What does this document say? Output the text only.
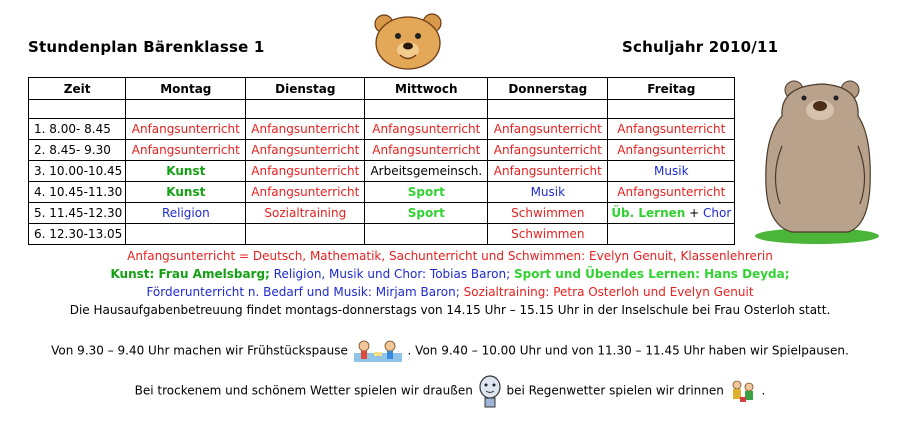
Stundenplan Bärenklasse 1	Schuljahr 2010/11
Zeit	Montag	Dienstag	Mittwoch	Donnerstag	Freitag

1. 8.00- 8.45	Anfangsunterricht	Anfangsunterricht	Anfangsunterricht	Anfangsunterricht	Anfangsunterricht
2. 8.45- 9.30	Anfangsunterricht	Anfangsunterricht	Anfangsunterricht	Anfangsunterricht	Anfangsunterricht
3. 10.00-10.45	Kunst	Anfangsunterricht	Arbeitsgemeinsch.	Anfangsunterricht	Musik
4. 10.45-11.30	Kunst	Anfangsunterricht	Sport	Musik	Anfangsunterricht
5. 11.45-12.30	Religion	Sozialtraining	Sport	Schwimmen	Üb. Lernen + Chor
6. 12.30-13.05				Schwimmen	
Anfangsunterricht = Deutsch, Mathematik, Sachunterricht und Schwimmen: Evelyn Genuit, Klassenlehrerin
Kunst: Frau Amelsbarg; Religion, Musik und Chor: Tobias Baron; Sport und Übendes Lernen: Hans Deyda;
Förderunterricht n. Bedarf und Musik: Mirjam Baron; Sozialtraining: Petra Osterloh und Evelyn Genuit
Die Hausaufgabenbetreuung findet montags-donnerstags von 14.15 Uhr – 15.15 Uhr in der Inselschule bei Frau Osterloh statt.
Von 9.30 – 9.40 Uhr machen wir Frühstückspause	. Von 9.40 – 10.00 Uhr und von 11.30 – 11.45 Uhr haben wir Spielpausen.
Bei trockenem und schönem Wetter spielen wir draußen	bei Regenwetter spielen wir drinnen	.
